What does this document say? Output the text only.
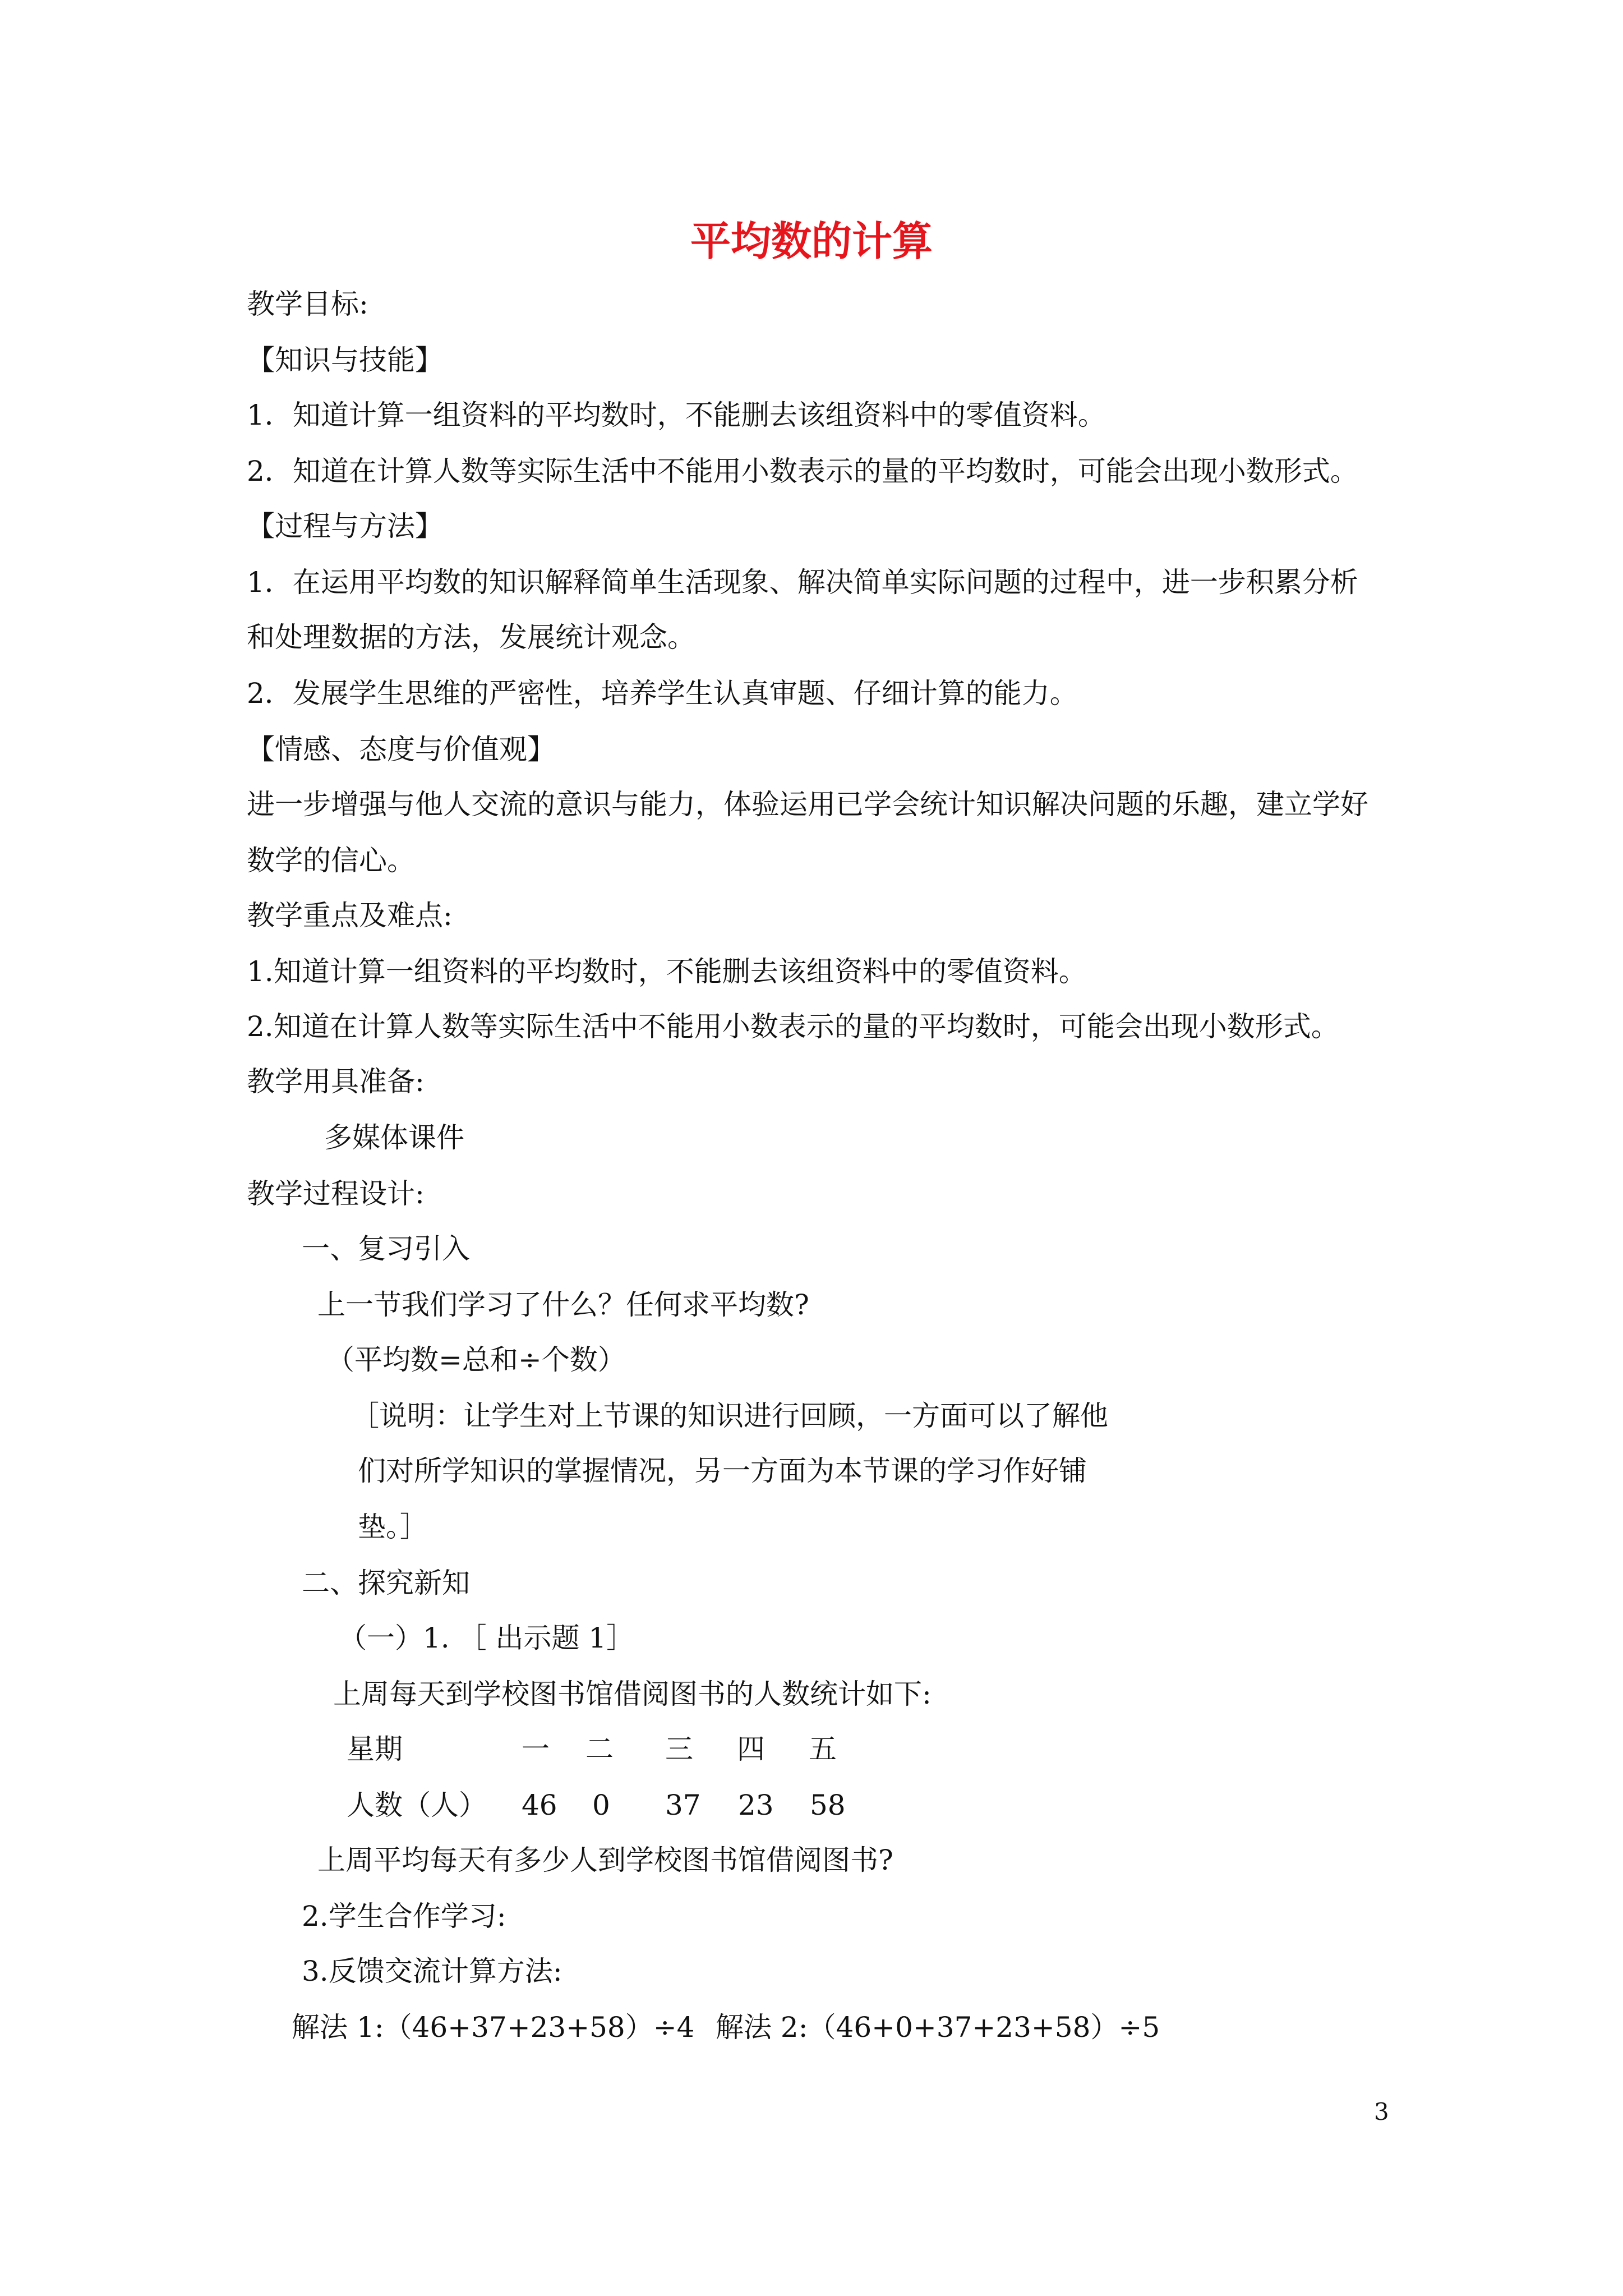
平均数的计算
教学目标:
【知识与技能】
1．知道计算一组资料的平均数时，不能删去该组资料中的零值资料。
2．知道在计算人数等实际生活中不能用小数表示的量的平均数时，可能会出现小数形式。
【过程与方法】
1．在运用平均数的知识解释简单生活现象、解决简单实际问题的过程中，进一步积累分析
和处理数据的方法，发展统计观念。
2．发展学生思维的严密性，培养学生认真审题、仔细计算的能力。
【情感、态度与价值观】
进一步增强与他人交流的意识与能力，体验运用已学会统计知识解决问题的乐趣，建立学好
数学的信心。
教学重点及难点:
1.知道计算一组资料的平均数时，不能删去该组资料中的零值资料。
2.知道在计算人数等实际生活中不能用小数表示的量的平均数时，可能会出现小数形式。
教学用具准备:
多媒体课件
教学过程设计:
一、复习引入
上一节我们学习了什么？任何求平均数?
（平均数=总和÷个数）
［说明：让学生对上节课的知识进行回顾，一方面可以了解他
们对所学知识的掌握情况，另一方面为本节课的学习作好铺
垫。］
二、探究新知
（一）1. ［ 出示题 1］
上周每天到学校图书馆借阅图书的人数统计如下:
星期	一 二 三 四 五
人数（人） 46 0 37 23 58
上周平均每天有多少人到学校图书馆借阅图书?
2.学生合作学习:
3.反馈交流计算方法:
解法 1:（46+37+23+58）÷4 解法 2:（46+0+37+23+58）÷5
3
